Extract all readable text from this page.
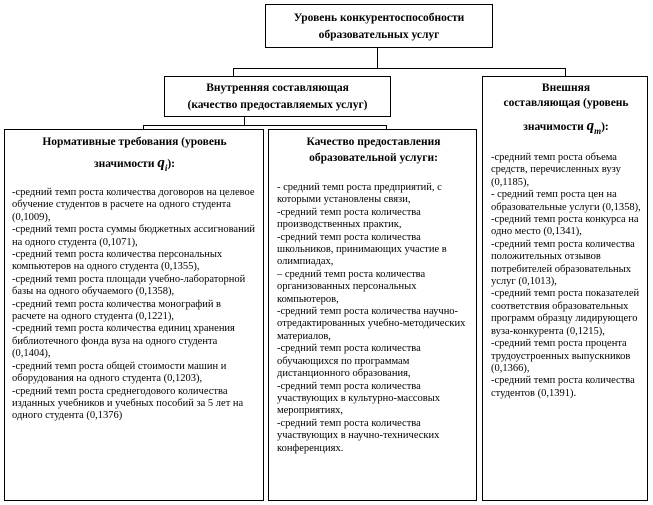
Уровень конкурентоспособности
образовательных услуг
Внутренняя составляющая
(качество предоставляемых услуг)
Внешняя
составляющая (уровень
значимости $q_m$):
-средний темп роста объема средств, перечисленных вузу (0,1185),
- средний темп роста цен на образовательные услуги (0,1358),
-средний темп роста конкурса на одно место (0,1341),
-средний темп роста количества положительных отзывов потребителей образовательных услуг (0,1013),
-средний темп роста показателей соответствия образовательных программ образцу лидирующего вуза-конкурента (0,1215),
-средний темп роста процента трудоустроенных выпускников (0,1366),
-средний темп роста количества студентов (0,1391).
Нормативные требования (уровень
значимости $q_i$):
-средний темп роста количества договоров на целевое обучение студентов в расчете на одного студента (0,1009),
-средний темп роста суммы бюджетных ассигнований на одного студента (0,1071),
-средний темп роста количества персональных компьютеров на одного студента (0,1355),
-средний темп роста площади учебно-лабораторной базы на одного обучаемого (0,1358),
-средний темп роста количества монографий в расчете на одного студента (0,1221),
-средний темп роста количества единиц хранения библиотечного фонда вуза на одного студента (0,1404),
-средний темп роста общей стоимости машин и оборудования на одного студента (0,1203),
-средний темп роста среднегодового количества изданных учебников и учебных пособий за 5 лет на одного студента (0,1376)
Качество предоставления
образовательной услуги:
- средний темп роста предприятий, с которыми установлены связи,
-средний темп роста количества производственных практик,
-средний темп роста количества школьников, принимающих участие в олимпиадах,
– средний темп роста количества организованных персональных компьютеров,
-средний темп роста количества научно-отредактированных учебно-методических материалов,
-средний темп роста количества обучающихся по программам дистанционного образования,
-средний темп роста количества участвующих в культурно-массовых мероприятиях,
-средний темп роста количества участвующих в научно-технических конференциях.
